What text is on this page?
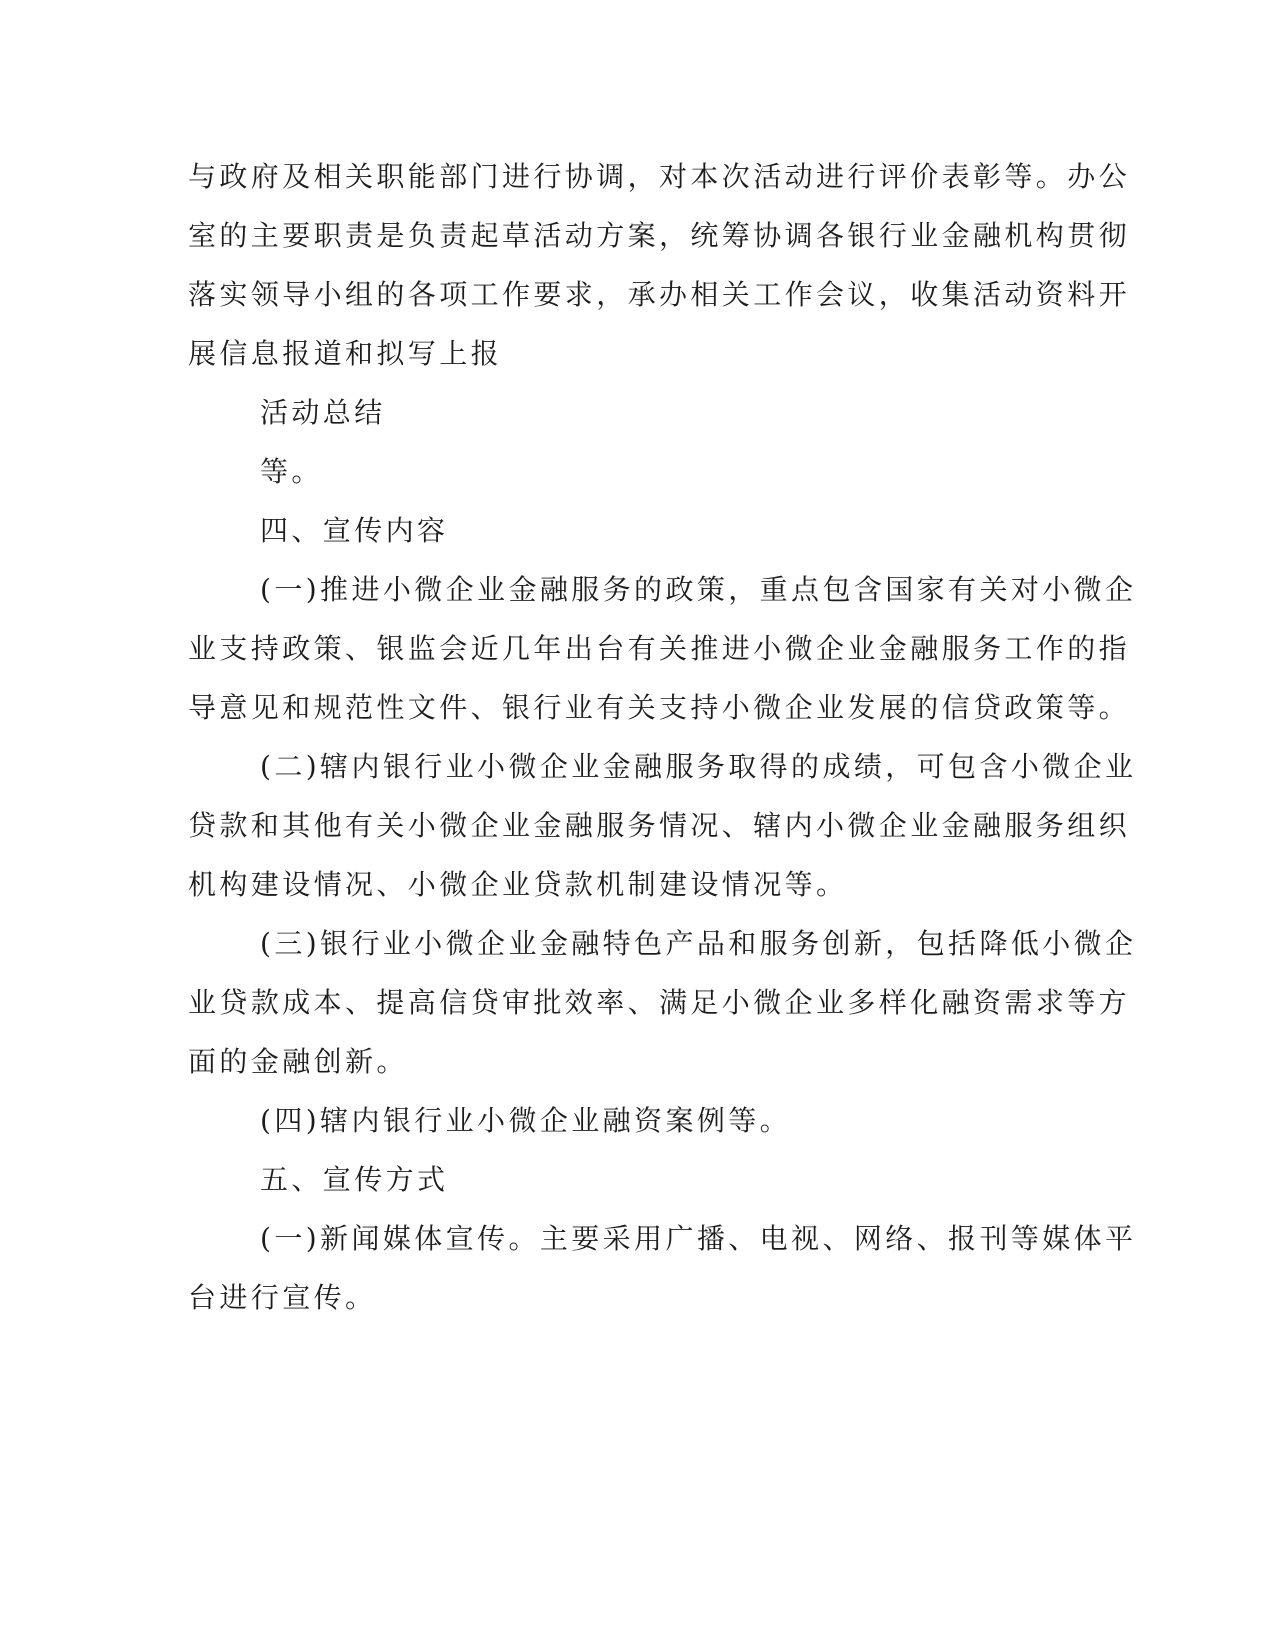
与政府及相关职能部门进行协调，对本次活动进行评价表彰等。办公
室的主要职责是负责起草活动方案，统筹协调各银行业金融机构贯彻
落实领导小组的各项工作要求，承办相关工作会议，收集活动资料开
展信息报道和拟写上报
活动总结
等。
四、宣传内容
(一)推进小微企业金融服务的政策，重点包含国家有关对小微企
业支持政策、银监会近几年出台有关推进小微企业金融服务工作的指
导意见和规范性文件、银行业有关支持小微企业发展的信贷政策等。
(二)辖内银行业小微企业金融服务取得的成绩，可包含小微企业
贷款和其他有关小微企业金融服务情况、辖内小微企业金融服务组织
机构建设情况、小微企业贷款机制建设情况等。
(三)银行业小微企业金融特色产品和服务创新，包括降低小微企
业贷款成本、提高信贷审批效率、满足小微企业多样化融资需求等方
面的金融创新。
(四)辖内银行业小微企业融资案例等。
五、宣传方式
(一)新闻媒体宣传。主要采用广播、电视、网络、报刊等媒体平
台进行宣传。
